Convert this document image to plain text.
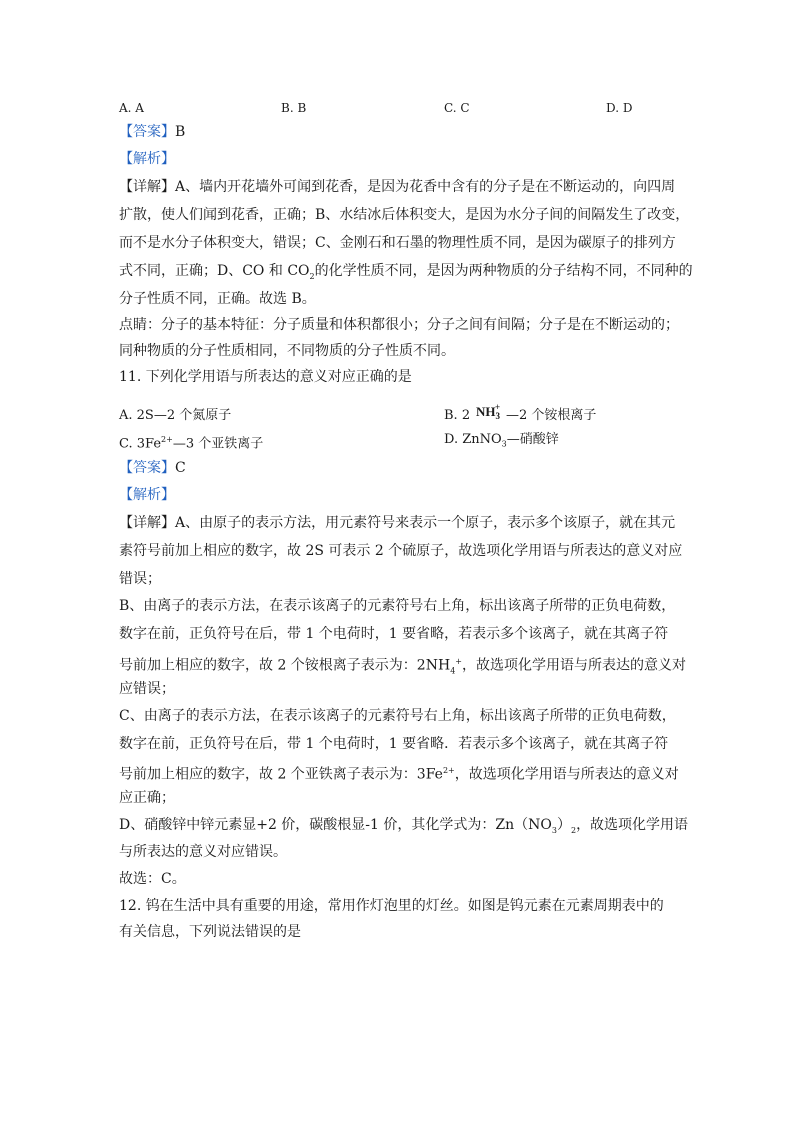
A. A	B. B	C. C	D. D
【答案】B
【解析】
【详解】A、墙内开花墙外可闻到花香，是因为花香中含有的分子是在不断运动的，向四周
扩散，使人们闻到花香，正确；B、水结冰后体积变大，是因为水分子间的间隔发生了改变，
而不是水分子体积变大，错误；C、金刚石和石墨的物理性质不同，是因为碳原子的排列方
式不同，正确；D、CO 和 $CO_2$的化学性质不同，是因为两种物质的分子结构不同，不同种的
分子性质不同，正确。故选 B。
点睛：分子的基本特征：分子质量和体积都很小；分子之间有间隔；分子是在不断运动的；
同种物质的分子性质相同，不同物质的分子性质不同。
11. 下列化学用语与所表达的意义对应正确的是
A. 2S—2 个氮原子	B. 2 $NH_3^+$
—2 个铵根离子
C. $3Fe^{2+}—3$ 个亚铁离子	D. ZnNO$_3$—硝酸锌
【答案】C
【解析】
【详解】A、由原子的表示方法，用元素符号来表示一个原子，表示多个该原子，就在其元
素符号前加上相应的数字，故 2S 可表示 2 个硫原子，故选项化学用语与所表达的意义对应
错误；
B、由离子的表示方法，在表示该离子的元素符号右上角，标出该离子所带的正负电荷数，
数字在前，正负符号在后，带 1 个电荷时，1 要省略，若表示多个该离子，就在其离子符
号前加上相应的数字，故 2 个铵根离子表示为：$2NH_4^+$，故选项化学用语与所表达的意义对
应错误；
C、由离子的表示方法，在表示该离子的元素符号右上角，标出该离子所带的正负电荷数，
数字在前，正负符号在后，带 1 个电荷时，1 要省略．若表示多个该离子，就在其离子符
号前加上相应的数字，故 2 个亚铁离子表示为：$3Fe^{2+}$，故选项化学用语与所表达的意义对
应正确；
D、硝酸锌中锌元素显+2 价，碳酸根显-1 价，其化学式为：$Zn(NO_3)_2$，故选项化学用语
与所表达的意义对应错误。
故选：C。
12. 钨在生活中具有重要的用途，常用作灯泡里的灯丝。如图是钨元素在元素周期表中的
有关信息，下列说法错误的是
